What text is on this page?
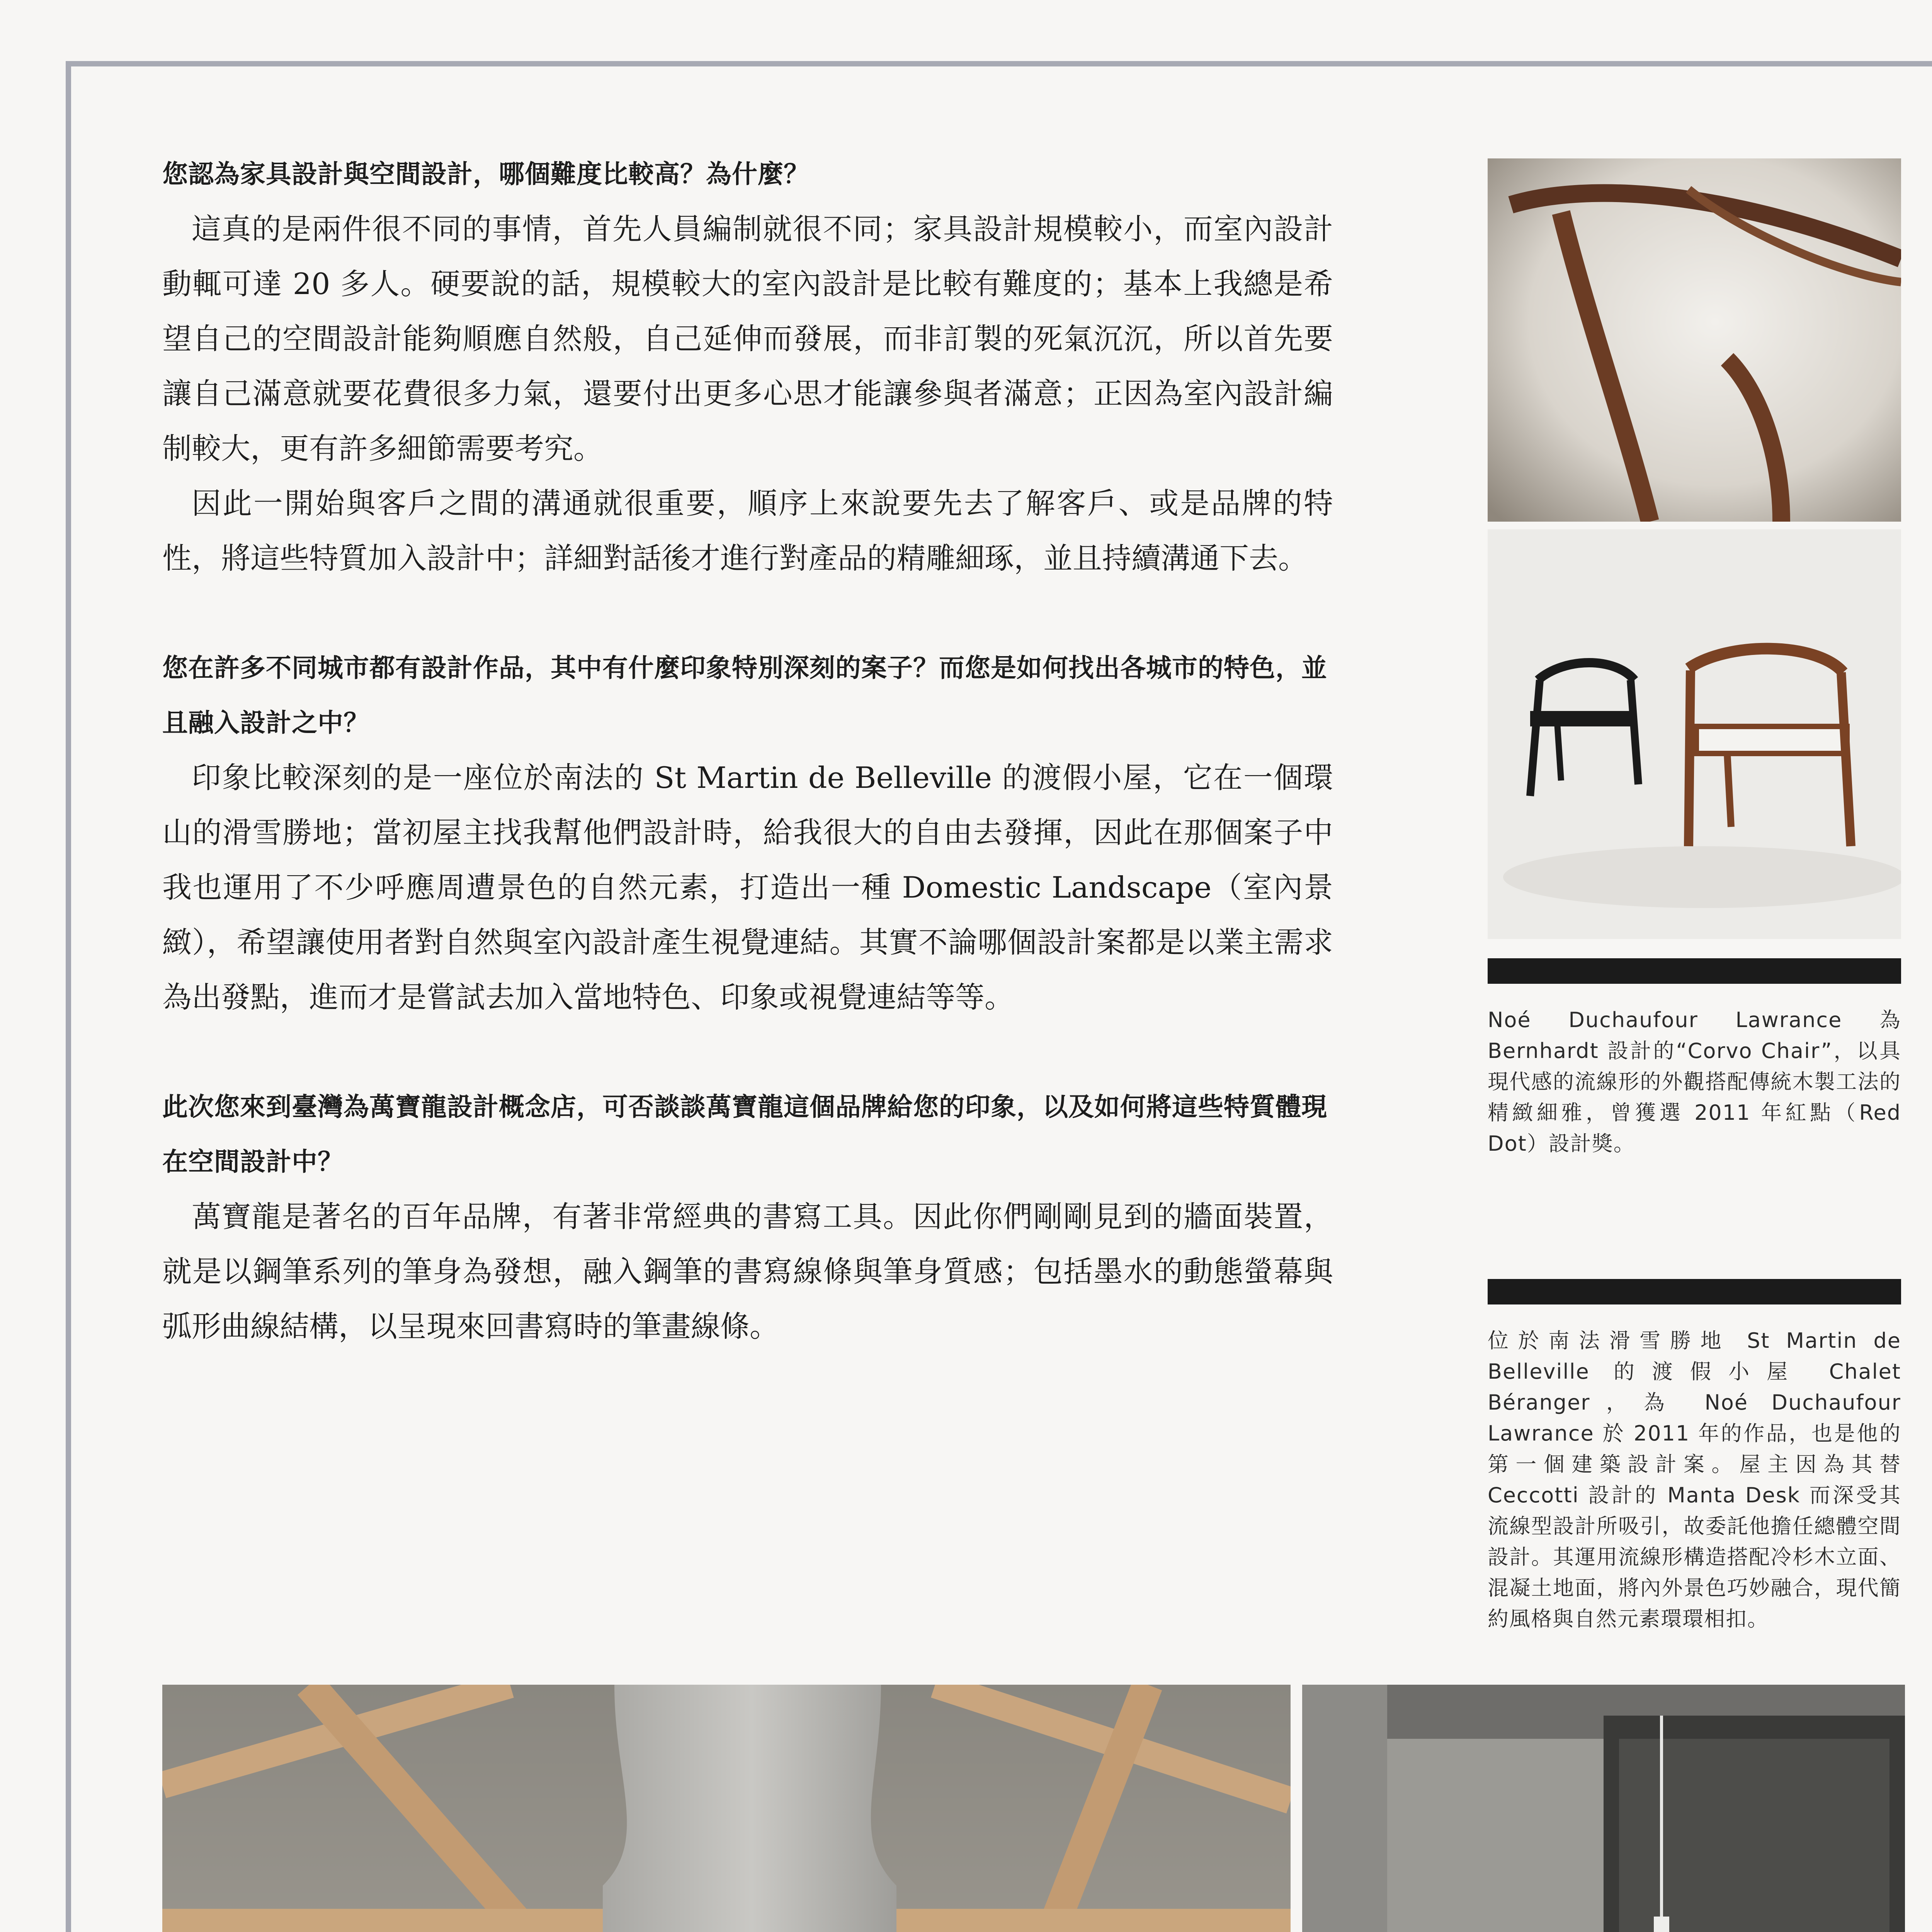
您認為家具設計與空間設計，哪個難度比較高？為什麼？

這真的是兩件很不同的事情，首先人員編制就很不同；家具設計規模較小，而室內設計動輒可達 20 多人。硬要說的話，規模較大的室內設計是比較有難度的；基本上我總是希望自己的空間設計能夠順應自然般，自己延伸而發展，而非訂製的死氣沉沉，所以首先要讓自己滿意就要花費很多力氣，還要付出更多心思才能讓參與者滿意；正因為室內設計編制較大，更有許多細節需要考究。

因此一開始與客戶之間的溝通就很重要，順序上來說要先去了解客戶、或是品牌的特性，將這些特質加入設計中；詳細對話後才進行對產品的精雕細琢，並且持續溝通下去。

您在許多不同城市都有設計作品，其中有什麼印象特別深刻的案子？而您是如何找出各城市的特色，並且融入設計之中？

印象比較深刻的是一座位於南法的 St Martin de Belleville 的渡假小屋，它在一個環山的滑雪勝地；當初屋主找我幫他們設計時，給我很大的自由去發揮，因此在那個案子中我也運用了不少呼應周遭景色的自然元素，打造出一種 Domestic Landscape（室內景緻），希望讓使用者對自然與室內設計產生視覺連結。其實不論哪個設計案都是以業主需求為出發點，進而才是嘗試去加入當地特色、印象或視覺連結等等。

此次您來到臺灣為萬寶龍設計概念店，可否談談萬寶龍這個品牌給您的印象，以及如何將這些特質體現在空間設計中？

萬寶龍是著名的百年品牌，有著非常經典的書寫工具。因此你們剛剛見到的牆面裝置，就是以鋼筆系列的筆身為發想，融入鋼筆的書寫線條與筆身質感；包括墨水的動態螢幕與弧形曲線結構，以呈現來回書寫時的筆畫線條。

Noé Duchaufour Lawrance 為 Bernhardt 設計的“Corvo Chair”，以具現代感的流線形的外觀搭配傳統木製工法的精緻細雅，曾獲選 2011 年紅點（Red Dot）設計獎。

位於南法滑雪勝地 St Martin de Belleville 的渡假小屋 Chalet Béranger，為 Noé Duchaufour Lawrance 於 2011 年的作品，也是他的第一個建築設計案。屋主因為其替 Ceccotti 設計的 Manta Desk 而深受其流線型設計所吸引，故委託他擔任總體空間設計。其運用流線形構造搭配冷杉木立面、混凝土地面，將內外景色巧妙融合，現代簡約風格與自然元素環環相扣。
